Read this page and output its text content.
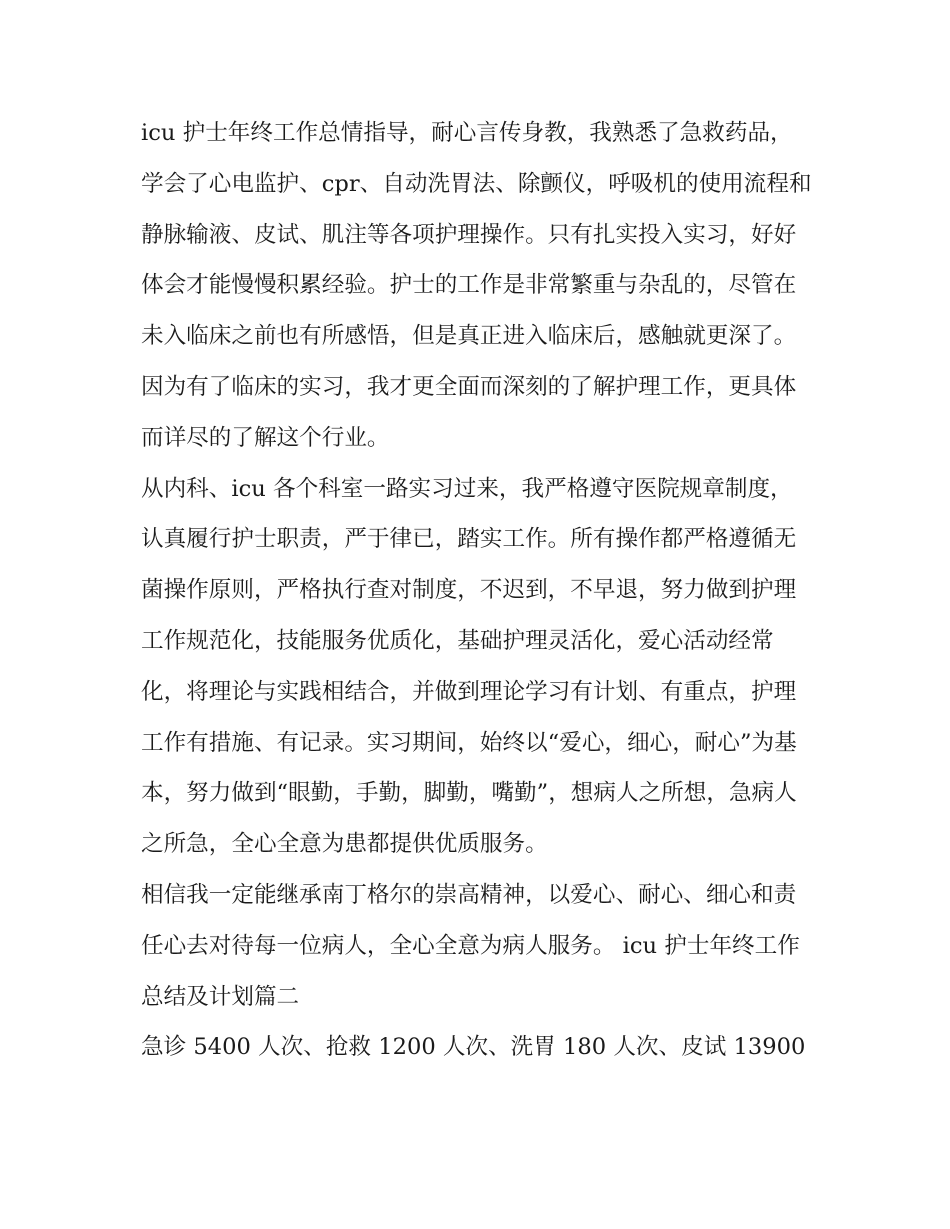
icu 护士年终工作总情指导，耐心言传身教，我熟悉了急救药品，学会了心电监护、cpr、自动洗胃法、除颤仪，呼吸机的使用流程和静脉输液、皮试、肌注等各项护理操作。只有扎实投入实习，好好体会才能慢慢积累经验。护士的工作是非常繁重与杂乱的，尽管在未入临床之前也有所感悟，但是真正进入临床后，感触就更深了。因为有了临床的实习，我才更全面而深刻的了解护理工作，更具体而详尽的了解这个行业。

从内科、icu 各个科室一路实习过来，我严格遵守医院规章制度，认真履行护士职责，严于律已，踏实工作。所有操作都严格遵循无菌操作原则，严格执行查对制度，不迟到，不早退，努力做到护理工作规范化，技能服务优质化，基础护理灵活化，爱心活动经常化，将理论与实践相结合，并做到理论学习有计划、有重点，护理工作有措施、有记录。实习期间，始终以“爱心，细心，耐心”为基本，努力做到“眼勤，手勤，脚勤，嘴勤”，想病人之所想，急病人之所急，全心全意为患都提供优质服务。

相信我一定能继承南丁格尔的崇高精神，以爱心、耐心、细心和责任心去对待每一位病人，全心全意为病人服务。 icu 护士年终工作总结及计划篇二

急诊 5400 人次、抢救 1200 人次、洗胃 180 人次、皮试 13900
